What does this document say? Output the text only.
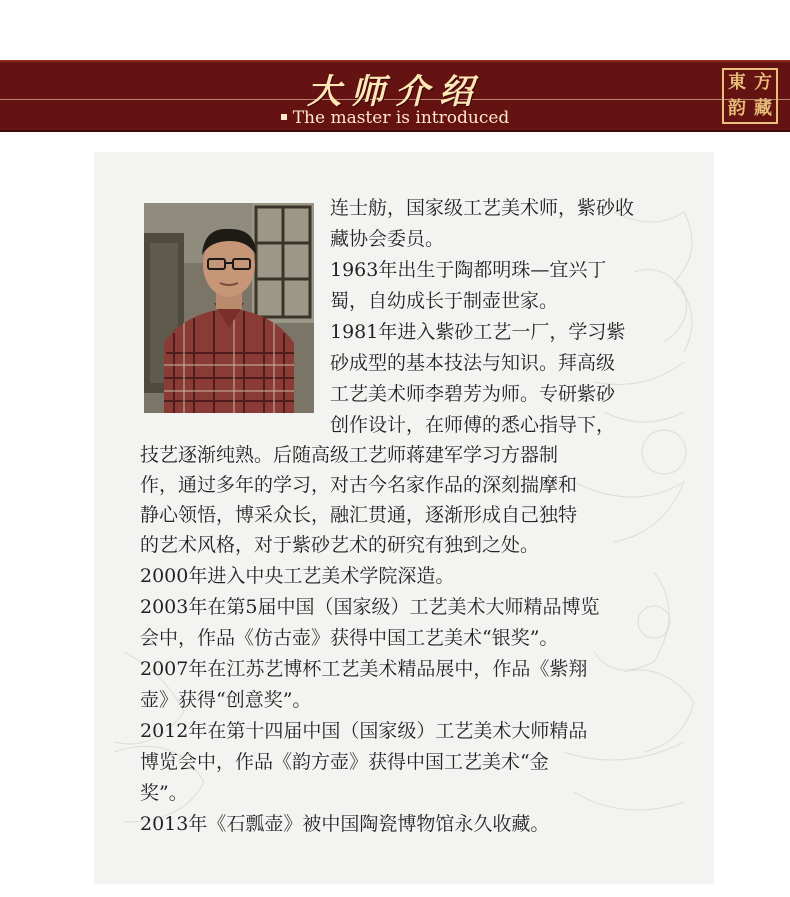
大师介绍
The master is introduced
東 方
韵 藏
连士舫，国家级工艺美术师，紫砂收
藏协会委员。
1963年出生于陶都明珠—宜兴丁
蜀，自幼成长于制壶世家。
1981年进入紫砂工艺一厂，学习紫
砂成型的基本技法与知识。拜高级
工艺美术师李碧芳为师。专研紫砂
创作设计，在师傅的悉心指导下，
技艺逐渐纯熟。后随高级工艺师蒋建军学习方器制
作，通过多年的学习，对古今名家作品的深刻揣摩和
静心领悟，博采众长，融汇贯通，逐渐形成自己独特
的艺术风格，对于紫砂艺术的研究有独到之处。
2000年进入中央工艺美术学院深造。
2003年在第5届中国（国家级）工艺美术大师精品博览
会中，作品《仿古壶》获得中国工艺美术“银奖”。
2007年在江苏艺博杯工艺美术精品展中，作品《紫翔
壶》获得“创意奖”。
2012年在第十四届中国（国家级）工艺美术大师精品
博览会中，作品《韵方壶》获得中国工艺美术“金
奖”。
2013年《石瓢壶》被中国陶瓷博物馆永久收藏。
